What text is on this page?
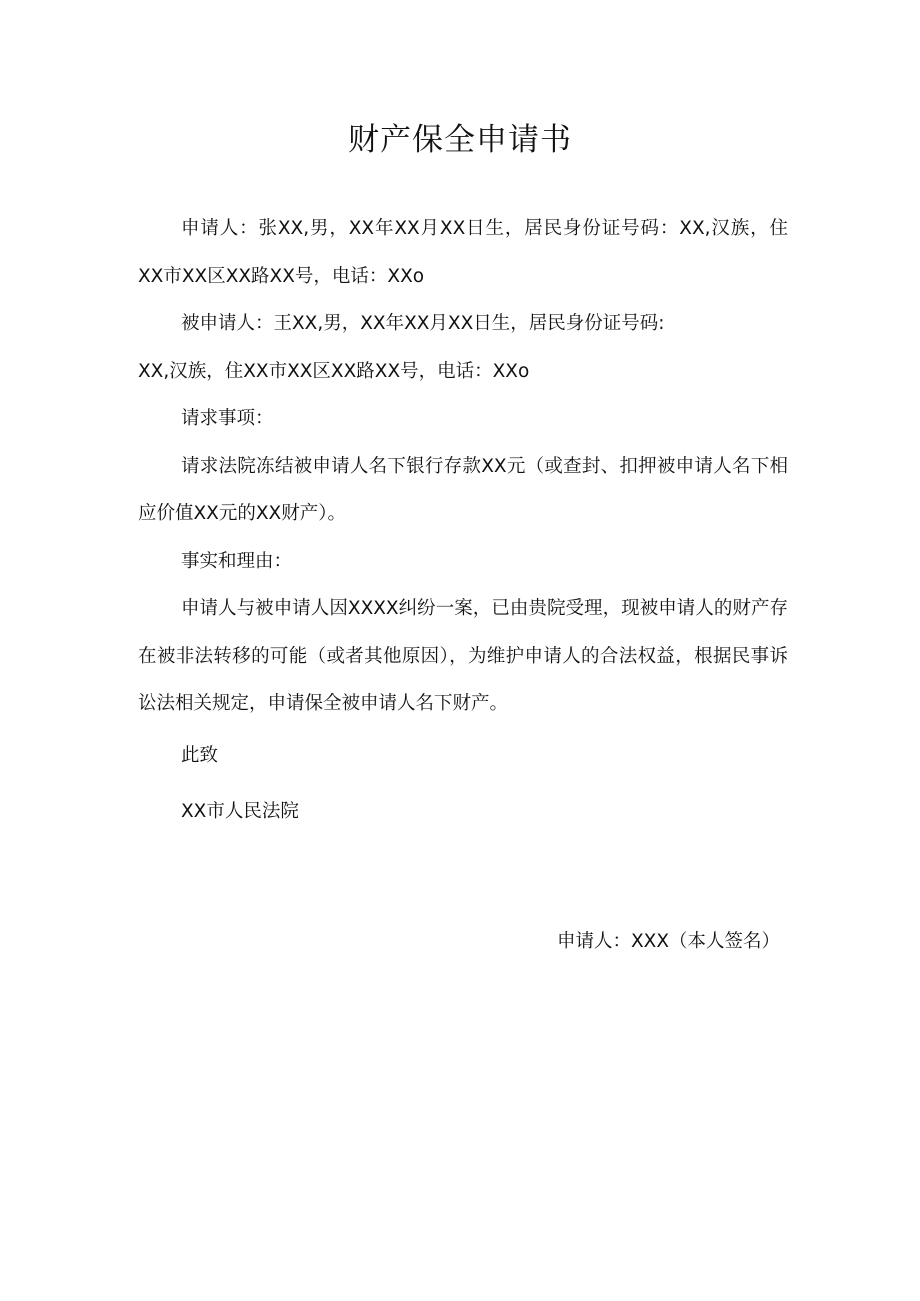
财产保全申请书

申请人：张XX,男，XX年XX月XX日生，居民身份证号码：XX,汉族，住XX市XX区XX路XX号，电话：XXo

被申请人：王XX,男，XX年XX月XX日生，居民身份证号码:

XX,汉族，住XX市XX区XX路XX号，电话：XXo

请求事项：

请求法院冻结被申请人名下银行存款XX元（或查封、扣押被申请人名下相应价值XX元的XX财产）。

事实和理由：

申请人与被申请人因XXXX纠纷一案，已由贵院受理，现被申请人的财产存在被非法转移的可能（或者其他原因），为维护申请人的合法权益，根据民事诉讼法相关规定，申请保全被申请人名下财产。

此致

XX市人民法院

申请人：XXX（本人签名）
